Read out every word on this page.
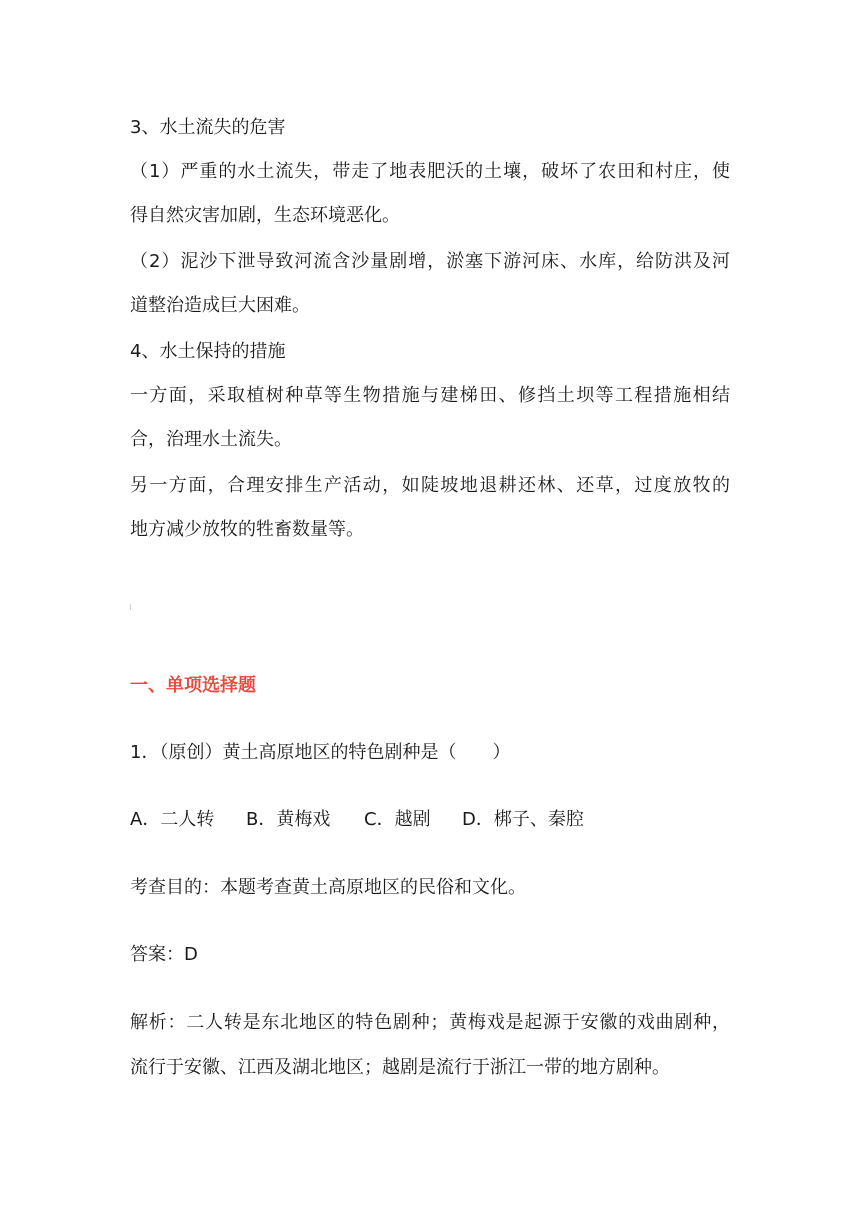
3、水土流失的危害
（1）严重的水土流失，带走了地表肥沃的土壤，破坏了农田和村庄，使
得自然灾害加剧，生态环境恶化。
（2）泥沙下泄导致河流含沙量剧增，淤塞下游河床、水库，给防洪及河
道整治造成巨大困难。
4、水土保持的措施
一方面，采取植树种草等生物措施与建梯田、修挡土坝等工程措施相结
合，治理水土流失。
另一方面，合理安排生产活动，如陡坡地退耕还林、还草，过度放牧的
地方减少放牧的牲畜数量等。
一、单项选择题
1．（原创）黄土高原地区的特色剧种是（　　）
A．二人转 B．黄梅戏 C．越剧 D．梆子、秦腔
考查目的：本题考查黄土高原地区的民俗和文化。
答案：D
解析：二人转是东北地区的特色剧种；黄梅戏是起源于安徽的戏曲剧种，
流行于安徽、江西及湖北地区；越剧是流行于浙江一带的地方剧种。
